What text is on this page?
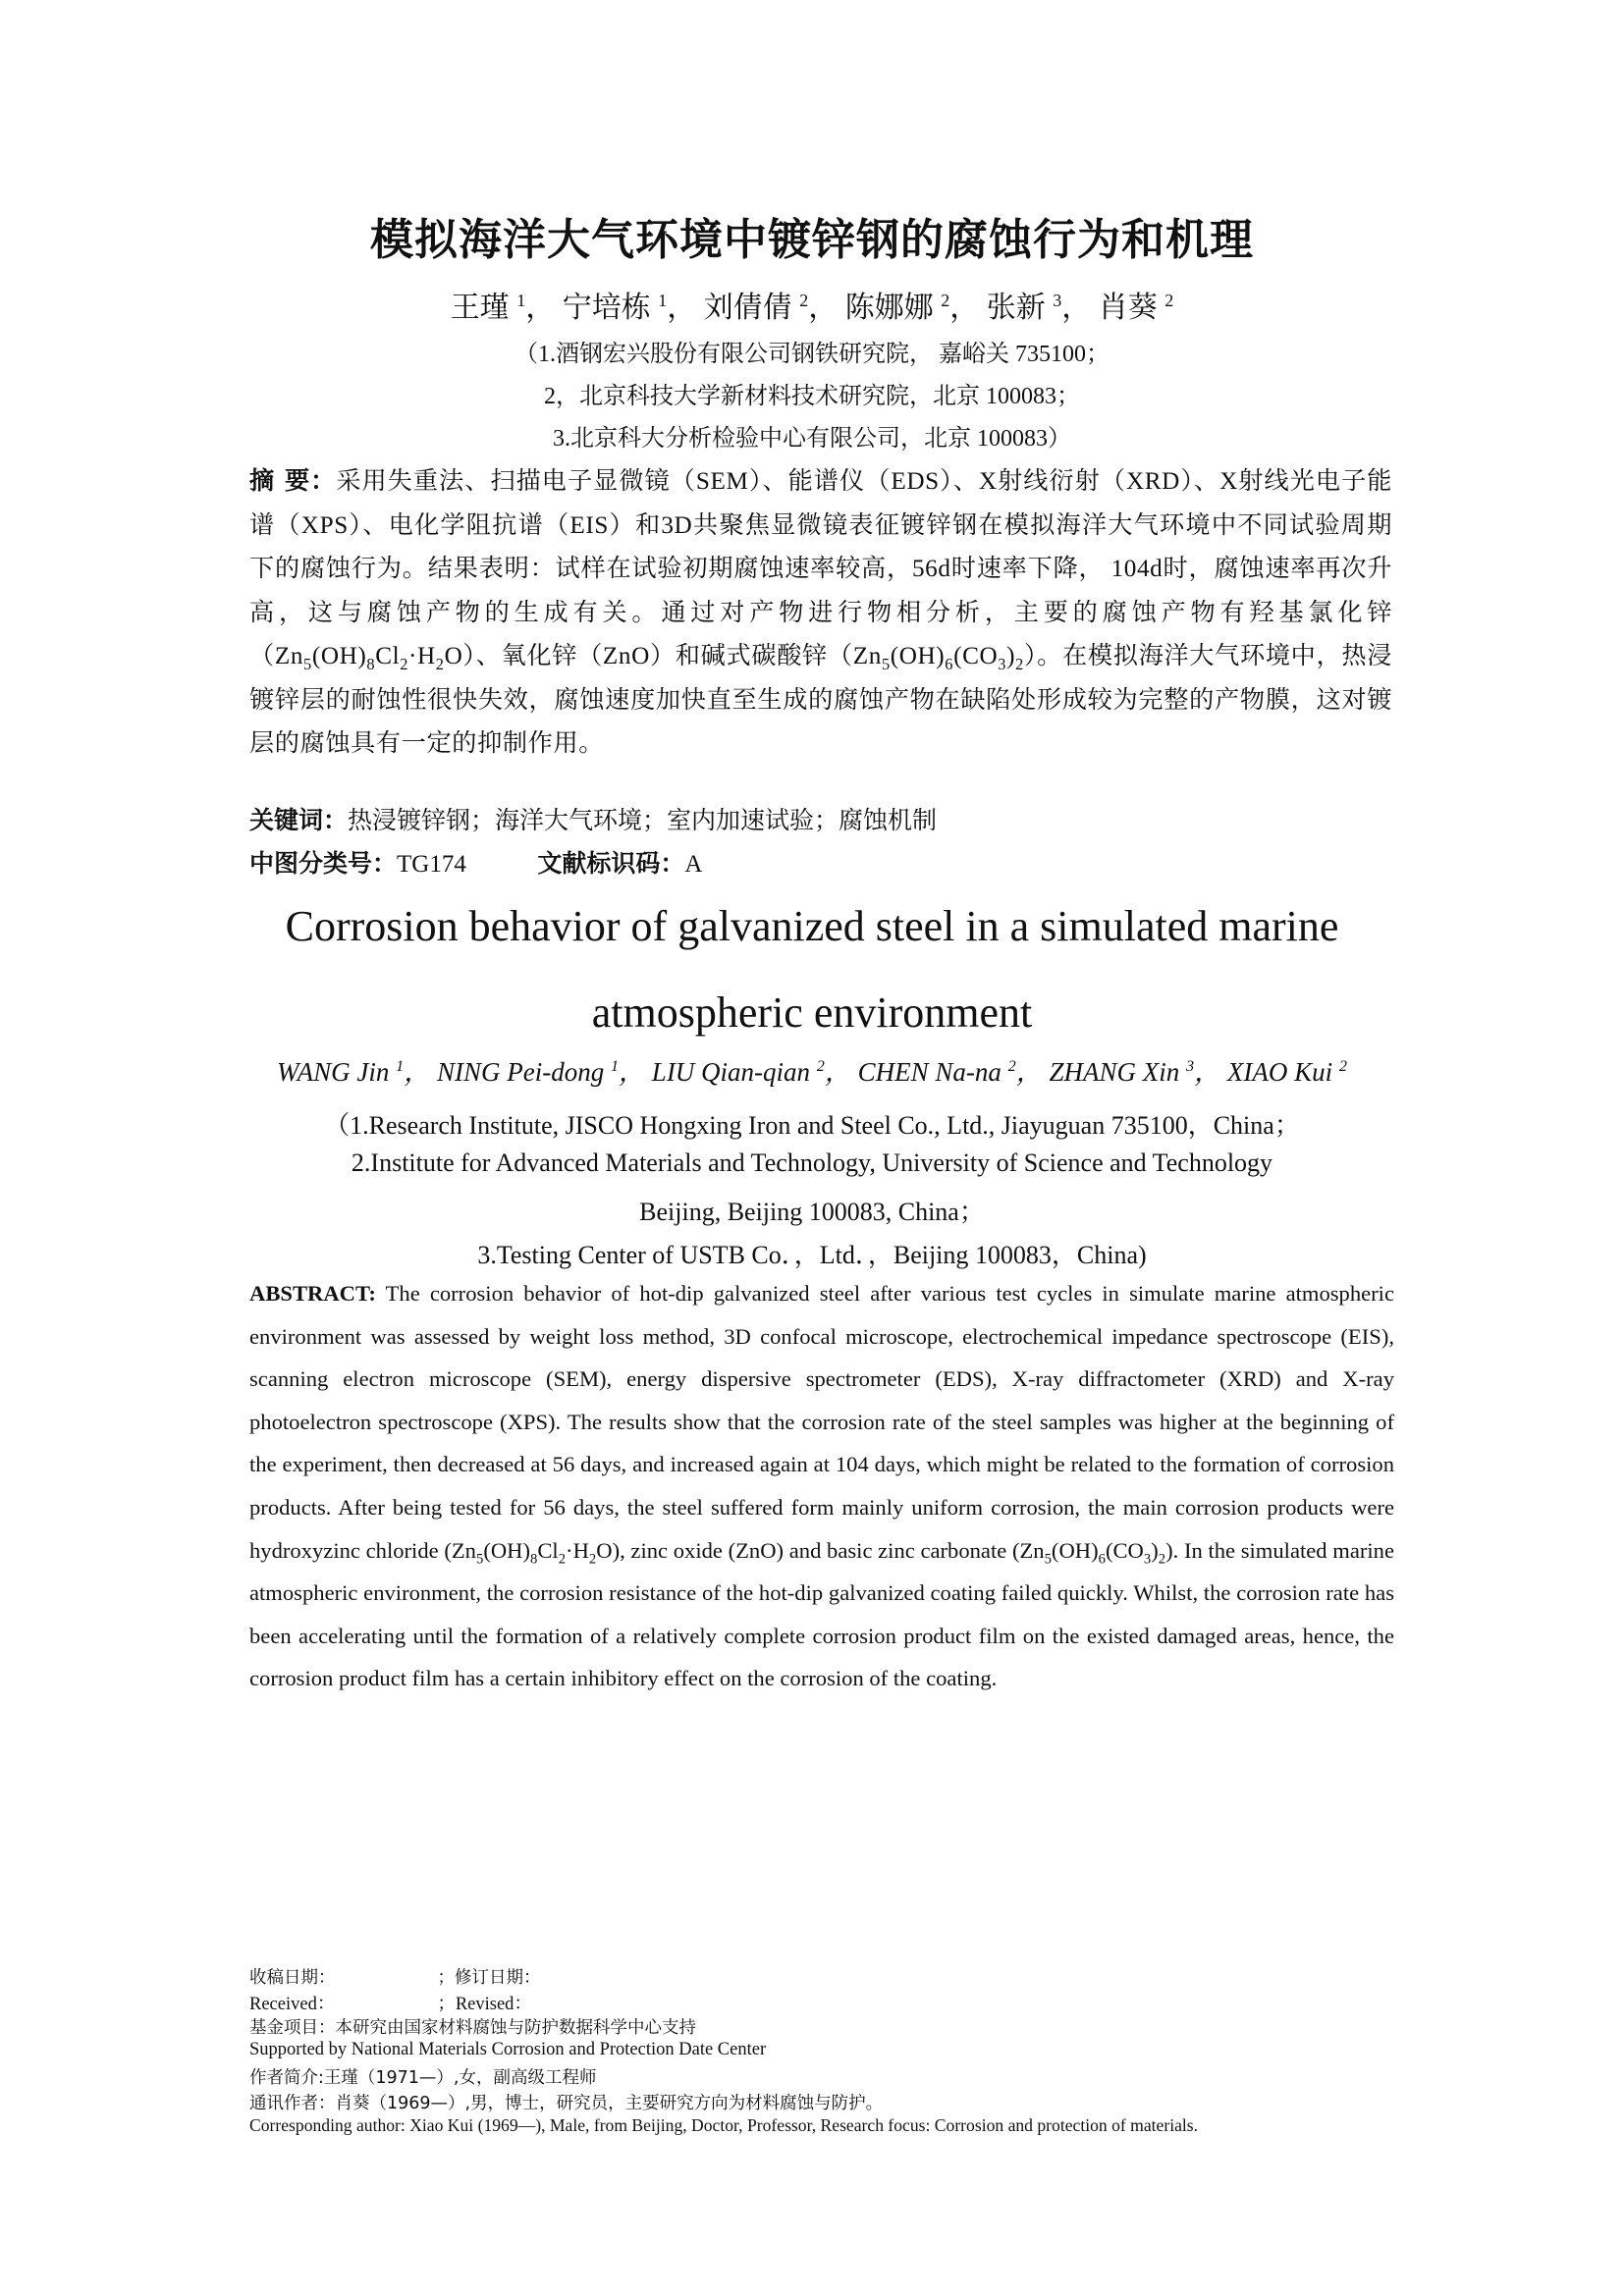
模拟海洋大气环境中镀锌钢的腐蚀行为和机理
王瑾 $^1$， 宁培栋 $^1$， 刘倩倩 $^2$， 陈娜娜 $^2$， 张新 $^3$， 肖葵 $^2$
（1.酒钢宏兴股份有限公司钢铁研究院， 嘉峪关 735100；
2，北京科技大学新材料技术研究院，北京 100083；
3.北京科大分析检验中心有限公司，北京 100083）
摘 要：采用失重法、扫描电子显微镜（SEM）、能谱仪（EDS）、X射线衍射（XRD）、X射线光电子能谱（XPS）、电化学阻抗谱（EIS）和3D共聚焦显微镜表征镀锌钢在模拟海洋大气环境中不同试验周期下的腐蚀行为。结果表明：试样在试验初期腐蚀速率较高，56d时速率下降， 104d时，腐蚀速率再次升高，这与腐蚀产物的生成有关。通过对产物进行物相分析，主要的腐蚀产物有羟基氯化锌$(Zn_5(OH)_8Cl_2\cdot H_2O)$、氧化锌（ZnO）和碱式碳酸锌$(Zn_5(OH)_6(CO_3)_2)$。在模拟海洋大气环境中，热浸镀锌层的耐蚀性很快失效，腐蚀速度加快直至生成的腐蚀产物在缺陷处形成较为完整的产物膜，这对镀层的腐蚀具有一定的抑制作用。
关键词：热浸镀锌钢；海洋大气环境；室内加速试验；腐蚀机制
中图分类号：TG174	文献标识码：A
Corrosion behavior of galvanized steel in a simulated marine
atmospheric environment
WANG Jin $^1$， NING Pei-dong $^1$， LIU Qian-qian $^2$， CHEN Na-na $^2$， ZHANG Xin $^3$， XIAO Kui $^2$
（1.Research Institute, JISCO Hongxing Iron and Steel Co., Ltd., Jiayuguan 735100，China；
2.Institute for Advanced Materials and Technology, University of Science and Technology
Beijing, Beijing 100083, China；
3.Testing Center of USTB Co．，Ltd．，Beijing 100083，China)
ABSTRACT: The corrosion behavior of hot-dip galvanized steel after various test cycles in simulate marine atmospheric environment was assessed by weight loss method, 3D confocal microscope, electrochemical impedance spectroscope (EIS), scanning electron microscope (SEM), energy dispersive spectrometer (EDS), X-ray diffractometer (XRD) and X-ray photoelectron spectroscope (XPS). The results show that the corrosion rate of the steel samples was higher at the beginning of the experiment, then decreased at 56 days, and increased again at 104 days, which might be related to the formation of corrosion products. After being tested for 56 days, the steel suffered form mainly uniform corrosion, the main corrosion products were hydroxyzinc chloride $(Zn_5(OH)_8Cl_2\cdot H_2O)$, zinc oxide (ZnO) and basic zinc carbonate $(Zn_5(OH)_6(CO_3)_2)$. In the simulated marine atmospheric environment, the corrosion resistance of the hot-dip galvanized coating failed quickly. Whilst, the corrosion rate has been accelerating until the formation of a relatively complete corrosion product film on the existed damaged areas, hence, the corrosion product film has a certain inhibitory effect on the corrosion of the coating.
收稿日期：	；修订日期：
Received：	；Revised：
基金项目：本研究由国家材料腐蚀与防护数据科学中心支持
Supported by National Materials Corrosion and Protection Date Center
作者简介:王瑾（1971—）,女，副高级工程师
通讯作者：肖葵（1969—）,男，博士，研究员，主要研究方向为材料腐蚀与防护。
Corresponding author: Xiao Kui (1969—), Male, from Beijing, Doctor, Professor, Research focus: Corrosion and protection of materials.
